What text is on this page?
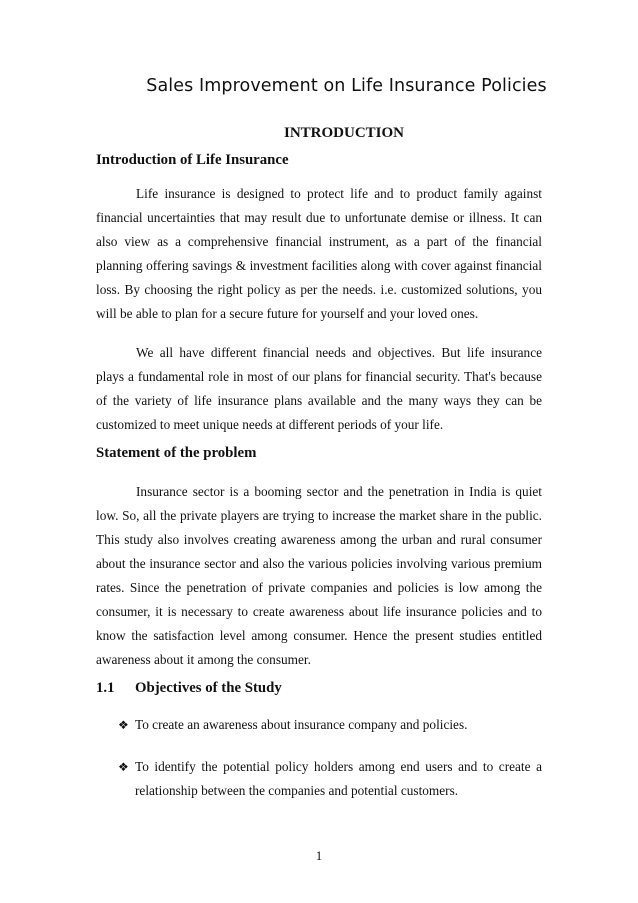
Sales Improvement on Life Insurance Policies
INTRODUCTION
Introduction of Life Insurance

Life insurance is designed to protect life and to product family against financial uncertainties that may result due to unfortunate demise or illness. It can also view as a comprehensive financial instrument, as a part of the financial planning offering savings & investment facilities along with cover against financial loss. By choosing the right policy as per the needs. i.e. customized solutions, you will be able to plan for a secure future for yourself and your loved ones.

We all have different financial needs and objectives. But life insurance plays a fundamental role in most of our plans for financial security. That's because of the variety of life insurance plans available and the many ways they can be customized to meet unique needs at different periods of your life.

Statement of the problem

Insurance sector is a booming sector and the penetration in India is quiet low. So, all the private players are trying to increase the market share in the public. This study also involves creating awareness among the urban and rural consumer about the insurance sector and also the various policies involving various premium rates. Since the penetration of private companies and policies is low among the consumer, it is necessary to create awareness about life insurance policies and to know the satisfaction level among consumer. Hence the present studies entitled awareness about it among the consumer.

1.1	Objectives of the Study
❖ To create an awareness about insurance company and policies.
❖ To identify the potential policy holders among end users and to create a relationship between the companies and potential customers.
1
